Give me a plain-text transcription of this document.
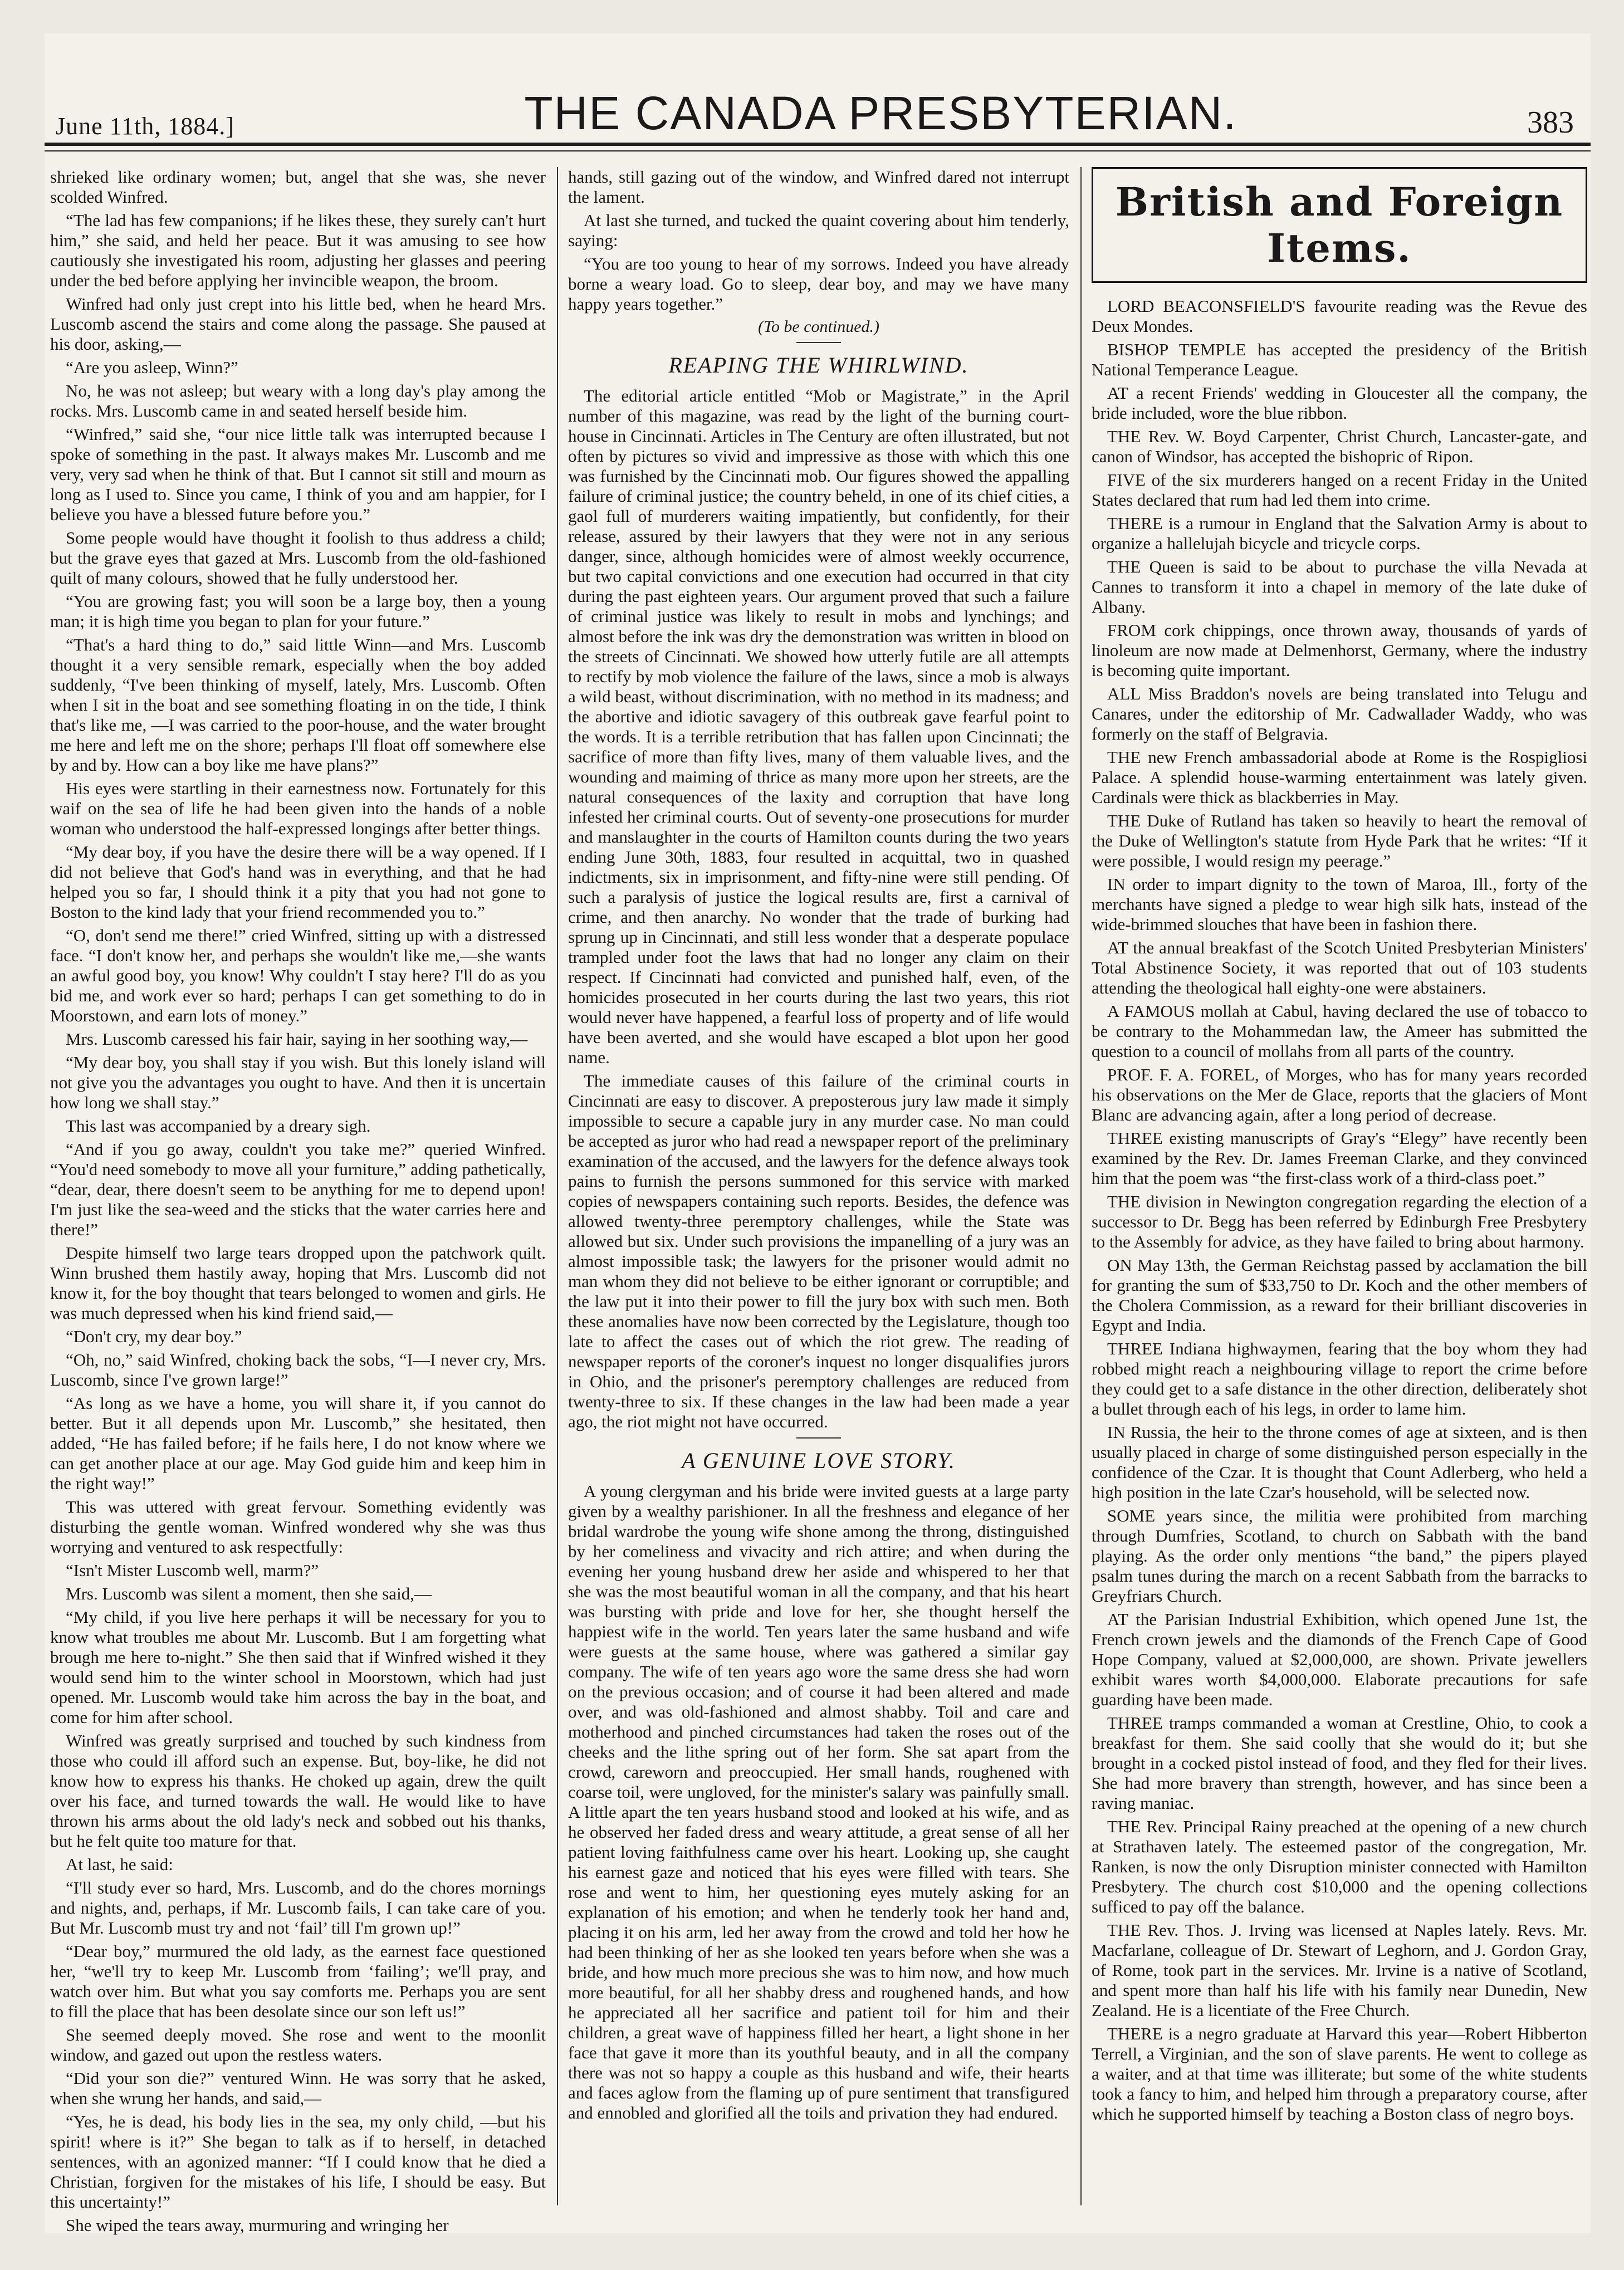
June 11th, 1884.]	THE CANADA PRESBYTERIAN.	383

shrieked like ordinary women; but, angel that she was, she never scolded Winfred.

“The lad has few companions; if he likes these, they surely can't hurt him,” she said, and held her peace. But it was amusing to see how cautiously she investigated his room, adjusting her glasses and peering under the bed before applying her invincible weapon, the broom.

Winfred had only just crept into his little bed, when he heard Mrs. Luscomb ascend the stairs and come along the passage. She paused at his door, asking,—

“Are you asleep, Winn?”

No, he was not asleep; but weary with a long day's play among the rocks. Mrs. Luscomb came in and seated herself beside him.

“Winfred,” said she, “our nice little talk was interrupted because I spoke of something in the past. It always makes Mr. Luscomb and me very, very sad when he think of that. But I cannot sit still and mourn as long as I used to. Since you came, I think of you and am happier, for I believe you have a blessed future before you.”

Some people would have thought it foolish to thus address a child; but the grave eyes that gazed at Mrs. Luscomb from the old-fashioned quilt of many colours, showed that he fully understood her.

“You are growing fast; you will soon be a large boy, then a young man; it is high time you began to plan for your future.”

“That's a hard thing to do,” said little Winn—and Mrs. Luscomb thought it a very sensible remark, especially when the boy added suddenly, “I've been thinking of myself, lately, Mrs. Luscomb. Often when I sit in the boat and see something floating in on the tide, I think that's like me, —I was carried to the poor-house, and the water brought me here and left me on the shore; perhaps I'll float off somewhere else by and by. How can a boy like me have plans?”

His eyes were startling in their earnestness now. Fortunately for this waif on the sea of life he had been given into the hands of a noble woman who understood the half-expressed longings after better things.

“My dear boy, if you have the desire there will be a way opened. If I did not believe that God's hand was in everything, and that he had helped you so far, I should think it a pity that you had not gone to Boston to the kind lady that your friend recommended you to.”

“O, don't send me there!” cried Winfred, sitting up with a distressed face. “I don't know her, and perhaps she wouldn't like me,—she wants an awful good boy, you know! Why couldn't I stay here? I'll do as you bid me, and work ever so hard; perhaps I can get something to do in Moorstown, and earn lots of money.”

Mrs. Luscomb caressed his fair hair, saying in her soothing way,—

“My dear boy, you shall stay if you wish. But this lonely island will not give you the advantages you ought to have. And then it is uncertain how long we shall stay.”

This last was accompanied by a dreary sigh.

“And if you go away, couldn't you take me?” queried Winfred. “You'd need somebody to move all your furniture,” adding pathetically, “dear, dear, there doesn't seem to be anything for me to depend upon! I'm just like the sea-weed and the sticks that the water carries here and there!”

Despite himself two large tears dropped upon the patchwork quilt. Winn brushed them hastily away, hoping that Mrs. Luscomb did not know it, for the boy thought that tears belonged to women and girls. He was much depressed when his kind friend said,—

“Don't cry, my dear boy.”

“Oh, no,” said Winfred, choking back the sobs, “I—I never cry, Mrs. Luscomb, since I've grown large!”

“As long as we have a home, you will share it, if you cannot do better. But it all depends upon Mr. Luscomb,” she hesitated, then added, “He has failed before; if he fails here, I do not know where we can get another place at our age. May God guide him and keep him in the right way!”

This was uttered with great fervour. Something evidently was disturbing the gentle woman. Winfred wondered why she was thus worrying and ventured to ask respectfully:

“Isn't Mister Luscomb well, marm?”

Mrs. Luscomb was silent a moment, then she said,—

“My child, if you live here perhaps it will be necessary for you to know what troubles me about Mr. Luscomb. But I am forgetting what brough me here to-night.” She then said that if Winfred wished it they would send him to the winter school in Moorstown, which had just opened. Mr. Luscomb would take him across the bay in the boat, and come for him after school.

Winfred was greatly surprised and touched by such kindness from those who could ill afford such an expense. But, boy-like, he did not know how to express his thanks. He choked up again, drew the quilt over his face, and turned towards the wall. He would like to have thrown his arms about the old lady's neck and sobbed out his thanks, but he felt quite too mature for that.

At last, he said:

“I'll study ever so hard, Mrs. Luscomb, and do the chores mornings and nights, and, perhaps, if Mr. Luscomb fails, I can take care of you. But Mr. Luscomb must try and not ‘fail’ till I'm grown up!”

“Dear boy,” murmured the old lady, as the earnest face questioned her, “we'll try to keep Mr. Luscomb from ‘failing’; we'll pray, and watch over him. But what you say comforts me. Perhaps you are sent to fill the place that has been desolate since our son left us!”

She seemed deeply moved. She rose and went to the moonlit window, and gazed out upon the restless waters.

“Did your son die?” ventured Winn. He was sorry that he asked, when she wrung her hands, and said,—

“Yes, he is dead, his body lies in the sea, my only child, —but his spirit! where is it?” She began to talk as if to herself, in detached sentences, with an agonized manner: “If I could know that he died a Christian, forgiven for the mistakes of his life, I should be easy. But this uncertainty!”

She wiped the tears away, murmuring and wringing her

hands, still gazing out of the window, and Winfred dared not interrupt the lament.

At last she turned, and tucked the quaint covering about him tenderly, saying:

“You are too young to hear of my sorrows. Indeed you have already borne a weary load. Go to sleep, dear boy, and may we have many happy years together.”

(To be continued.)
REAPING THE WHIRLWIND.

The editorial article entitled “Mob or Magistrate,” in the April number of this magazine, was read by the light of the burning court-house in Cincinnati. Articles in The Century are often illustrated, but not often by pictures so vivid and impressive as those with which this one was furnished by the Cincinnati mob. Our figures showed the appalling failure of criminal justice; the country beheld, in one of its chief cities, a gaol full of murderers waiting impatiently, but confidently, for their release, assured by their lawyers that they were not in any serious danger, since, although homicides were of almost weekly occurrence, but two capital convictions and one execution had occurred in that city during the past eighteen years. Our argument proved that such a failure of criminal justice was likely to result in mobs and lynchings; and almost before the ink was dry the demonstration was written in blood on the streets of Cincinnati. We showed how utterly futile are all attempts to rectify by mob violence the failure of the laws, since a mob is always a wild beast, without discrimination, with no method in its madness; and the abortive and idiotic savagery of this outbreak gave fearful point to the words. It is a terrible retribution that has fallen upon Cincinnati; the sacrifice of more than fifty lives, many of them valuable lives, and the wounding and maiming of thrice as many more upon her streets, are the natural consequences of the laxity and corruption that have long infested her criminal courts. Out of seventy-one prosecutions for murder and manslaughter in the courts of Hamilton counts during the two years ending June 30th, 1883, four resulted in acquittal, two in quashed indictments, six in imprisonment, and fifty-nine were still pending. Of such a paralysis of justice the logical results are, first a carnival of crime, and then anarchy. No wonder that the trade of burking had sprung up in Cincinnati, and still less wonder that a desperate populace trampled under foot the laws that had no longer any claim on their respect. If Cincinnati had convicted and punished half, even, of the homicides prosecuted in her courts during the last two years, this riot would never have happened, a fearful loss of property and of life would have been averted, and she would have escaped a blot upon her good name.

The immediate causes of this failure of the criminal courts in Cincinnati are easy to discover. A preposterous jury law made it simply impossible to secure a capable jury in any murder case. No man could be accepted as juror who had read a newspaper report of the preliminary examination of the accused, and the lawyers for the defence always took pains to furnish the persons summoned for this service with marked copies of newspapers containing such reports. Besides, the defence was allowed twenty-three peremptory challenges, while the State was allowed but six. Under such provisions the impanelling of a jury was an almost impossible task; the lawyers for the prisoner would admit no man whom they did not believe to be either ignorant or corruptible; and the law put it into their power to fill the jury box with such men. Both these anomalies have now been corrected by the Legislature, though too late to affect the cases out of which the riot grew. The reading of newspaper reports of the coroner's inquest no longer disqualifies jurors in Ohio, and the prisoner's peremptory challenges are reduced from twenty-three to six. If these changes in the law had been made a year ago, the riot might not have occurred.

A GENUINE LOVE STORY.

A young clergyman and his bride were invited guests at a large party given by a wealthy parishioner. In all the freshness and elegance of her bridal wardrobe the young wife shone among the throng, distinguished by her comeliness and vivacity and rich attire; and when during the evening her young husband drew her aside and whispered to her that she was the most beautiful woman in all the company, and that his heart was bursting with pride and love for her, she thought herself the happiest wife in the world. Ten years later the same husband and wife were guests at the same house, where was gathered a similar gay company. The wife of ten years ago wore the same dress she had worn on the previous occasion; and of course it had been altered and made over, and was old-fashioned and almost shabby. Toil and care and motherhood and pinched circumstances had taken the roses out of the cheeks and the lithe spring out of her form. She sat apart from the crowd, careworn and preoccupied. Her small hands, roughened with coarse toil, were ungloved, for the minister's salary was painfully small. A little apart the ten years husband stood and looked at his wife, and as he observed her faded dress and weary attitude, a great sense of all her patient loving faithfulness came over his heart. Looking up, she caught his earnest gaze and noticed that his eyes were filled with tears. She rose and went to him, her questioning eyes mutely asking for an explanation of his emotion; and when he tenderly took her hand and, placing it on his arm, led her away from the crowd and told her how he had been thinking of her as she looked ten years before when she was a bride, and how much more precious she was to him now, and how much more beautiful, for all her shabby dress and roughened hands, and how he appreciated all her sacrifice and patient toil for him and their children, a great wave of happiness filled her heart, a light shone in her face that gave it more than its youthful beauty, and in all the company there was not so happy a couple as this husband and wife, their hearts and faces aglow from the flaming up of pure sentiment that transfigured and ennobled and glorified all the toils and privation they had endured.

British and Foreign Items.

LORD BEACONSFIELD'S favourite reading was the Revue des Deux Mondes.

BISHOP TEMPLE has accepted the presidency of the British National Temperance League.

AT a recent Friends' wedding in Gloucester all the company, the bride included, wore the blue ribbon.

THE Rev. W. Boyd Carpenter, Christ Church, Lancaster-gate, and canon of Windsor, has accepted the bishopric of Ripon.

FIVE of the six murderers hanged on a recent Friday in the United States declared that rum had led them into crime.

THERE is a rumour in England that the Salvation Army is about to organize a hallelujah bicycle and tricycle corps.

THE Queen is said to be about to purchase the villa Nevada at Cannes to transform it into a chapel in memory of the late duke of Albany.

FROM cork chippings, once thrown away, thousands of yards of linoleum are now made at Delmenhorst, Germany, where the industry is becoming quite important.

ALL Miss Braddon's novels are being translated into Telugu and Canares, under the editorship of Mr. Cadwallader Waddy, who was formerly on the staff of Belgravia.

THE new French ambassadorial abode at Rome is the Rospigliosi Palace. A splendid house-warming entertainment was lately given. Cardinals were thick as blackberries in May.

THE Duke of Rutland has taken so heavily to heart the removal of the Duke of Wellington's statute from Hyde Park that he writes: “If it were possible, I would resign my peerage.”

IN order to impart dignity to the town of Maroa, Ill., forty of the merchants have signed a pledge to wear high silk hats, instead of the wide-brimmed slouches that have been in fashion there.

AT the annual breakfast of the Scotch United Presbyterian Ministers' Total Abstinence Society, it was reported that out of 103 students attending the theological hall eighty-one were abstainers.

A FAMOUS mollah at Cabul, having declared the use of tobacco to be contrary to the Mohammedan law, the Ameer has submitted the question to a council of mollahs from all parts of the country.

PROF. F. A. FOREL, of Morges, who has for many years recorded his observations on the Mer de Glace, reports that the glaciers of Mont Blanc are advancing again, after a long period of decrease.

THREE existing manuscripts of Gray's “Elegy” have recently been examined by the Rev. Dr. James Freeman Clarke, and they convinced him that the poem was “the first-class work of a third-class poet.”

THE division in Newington congregation regarding the election of a successor to Dr. Begg has been referred by Edinburgh Free Presbytery to the Assembly for advice, as they have failed to bring about harmony.

ON May 13th, the German Reichstag passed by acclamation the bill for granting the sum of $33,750 to Dr. Koch and the other members of the Cholera Commission, as a reward for their brilliant discoveries in Egypt and India.

THREE Indiana highwaymen, fearing that the boy whom they had robbed might reach a neighbouring village to report the crime before they could get to a safe distance in the other direction, deliberately shot a bullet through each of his legs, in order to lame him.

IN Russia, the heir to the throne comes of age at sixteen, and is then usually placed in charge of some distinguished person especially in the confidence of the Czar. It is thought that Count Adlerberg, who held a high position in the late Czar's household, will be selected now.

SOME years since, the militia were prohibited from marching through Dumfries, Scotland, to church on Sabbath with the band playing. As the order only mentions “the band,” the pipers played psalm tunes during the march on a recent Sabbath from the barracks to Greyfriars Church.

AT the Parisian Industrial Exhibition, which opened June 1st, the French crown jewels and the diamonds of the French Cape of Good Hope Company, valued at $2,000,000, are shown. Private jewellers exhibit wares worth $4,000,000. Elaborate precautions for safe guarding have been made.

THREE tramps commanded a woman at Crestline, Ohio, to cook a breakfast for them. She said coolly that she would do it; but she brought in a cocked pistol instead of food, and they fled for their lives. She had more bravery than strength, however, and has since been a raving maniac.

THE Rev. Principal Rainy preached at the opening of a new church at Strathaven lately. The esteemed pastor of the congregation, Mr. Ranken, is now the only Disruption minister connected with Hamilton Presbytery. The church cost $10,000 and the opening collections sufficed to pay off the balance.

THE Rev. Thos. J. Irving was licensed at Naples lately. Revs. Mr. Macfarlane, colleague of Dr. Stewart of Leghorn, and J. Gordon Gray, of Rome, took part in the services. Mr. Irvine is a native of Scotland, and spent more than half his life with his family near Dunedin, New Zealand. He is a licentiate of the Free Church.

THERE is a negro graduate at Harvard this year—Robert Hibberton Terrell, a Virginian, and the son of slave parents. He went to college as a waiter, and at that time was illiterate; but some of the white students took a fancy to him, and helped him through a preparatory course, after which he supported himself by teaching a Boston class of negro boys.
